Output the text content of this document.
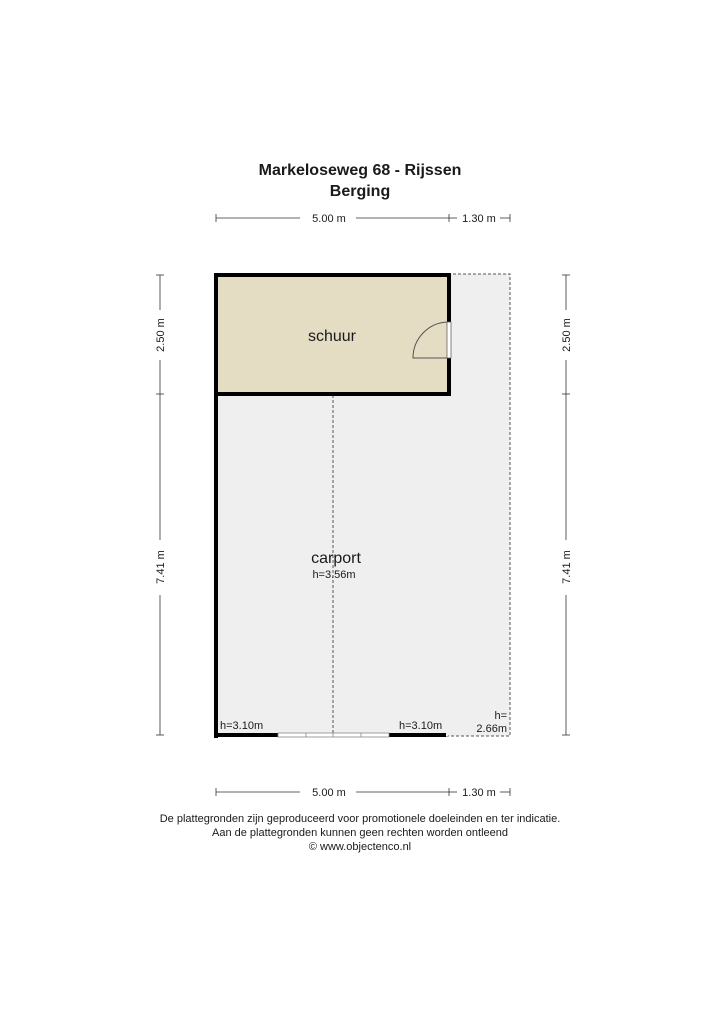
Markeloseweg 68 - Rijssen
Berging
5.00 m	1.30 m
5.00 m	1.30 m
2.50 m
7.41 m
2.50 m
7.41 m
schuur
carport
h=3.56m
h=3.10m	h=3.10m
h=
2.66m
De plattegronden zijn geproduceerd voor promotionele doeleinden en ter indicatie.
Aan de plattegronden kunnen geen rechten worden ontleend
© www.objectenco.nl
